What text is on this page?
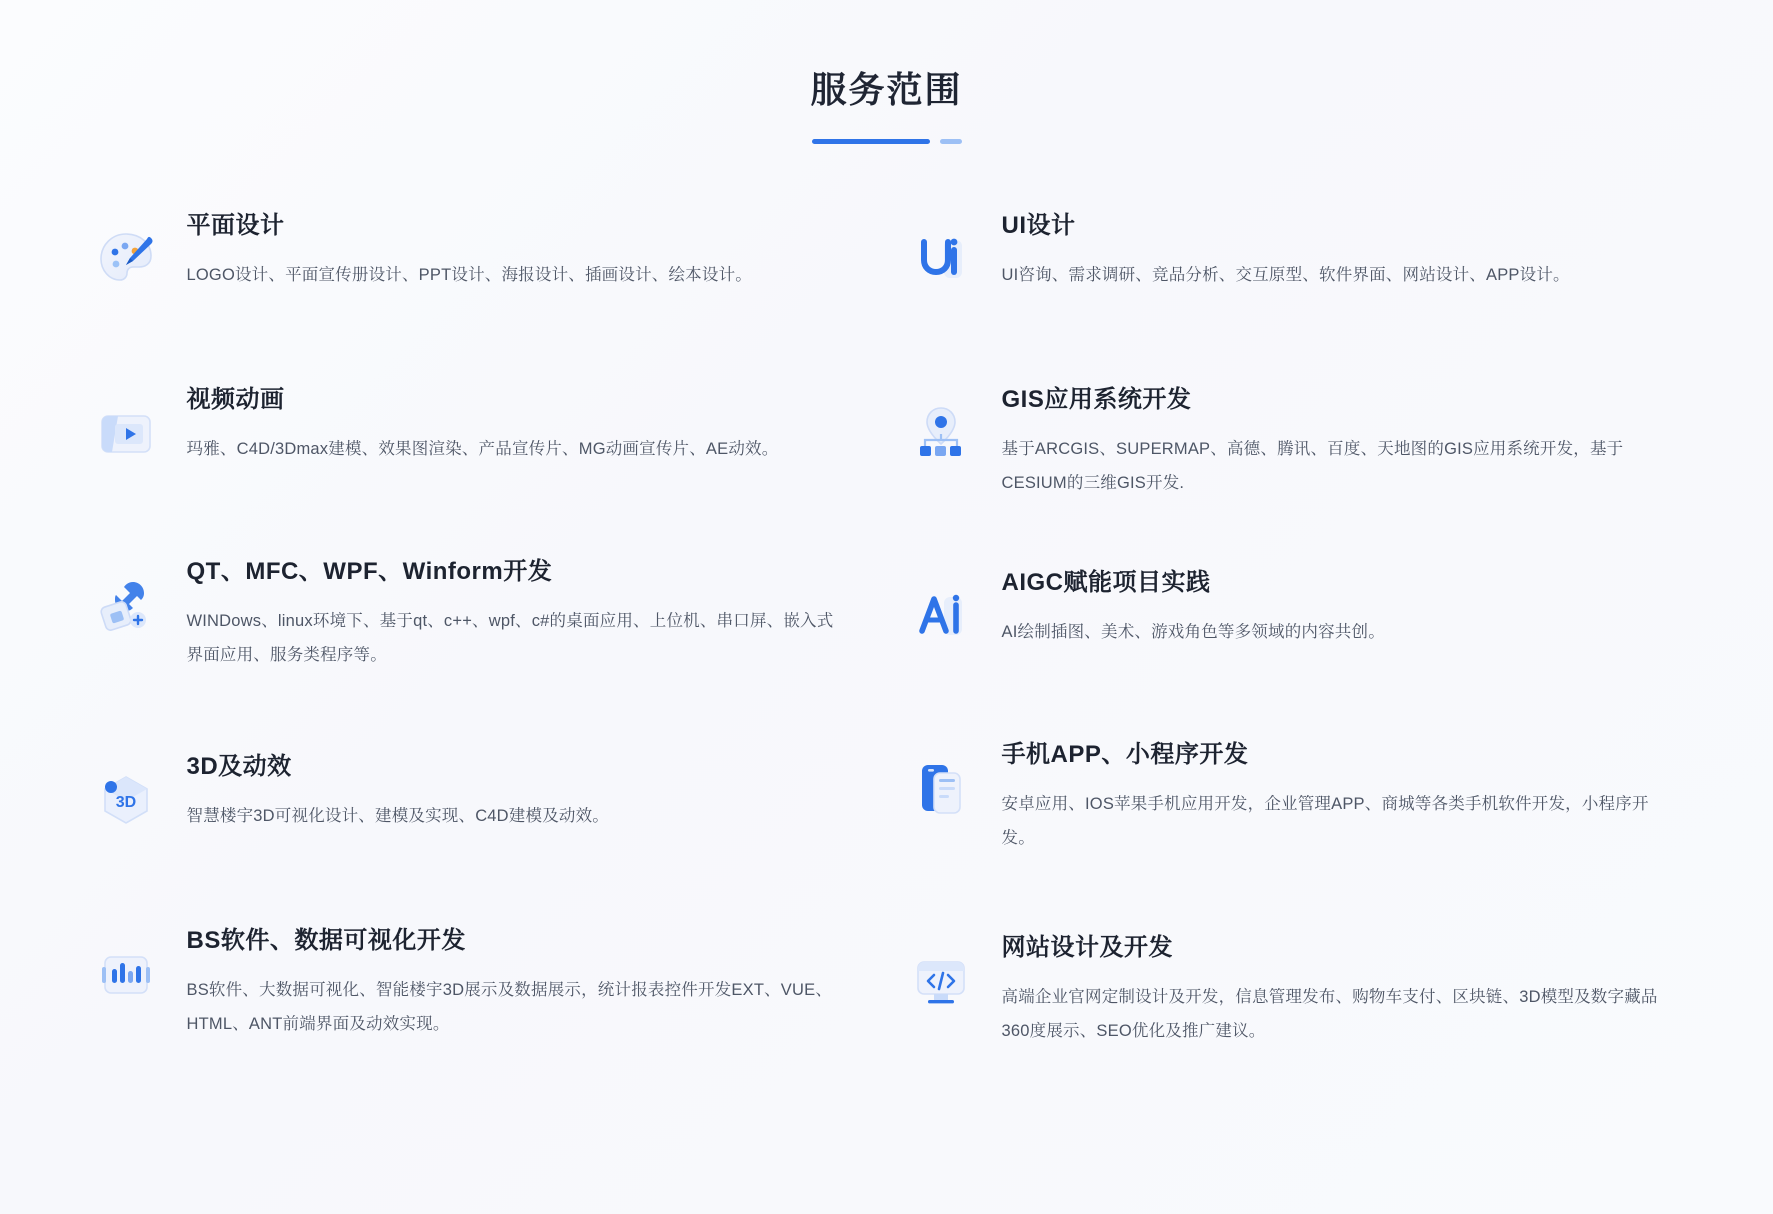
服务范围
平面设计
LOGO设计、平面宣传册设计、PPT设计、海报设计、插画设计、绘本设计。
视频动画
玛雅、C4D/3Dmax建模、效果图渲染、产品宣传片、MG动画宣传片、AE动效。
QT、MFC、WPF、Winform开发
WINDows、linux环境下、基于qt、c++、wpf、c#的桌面应用、上位机、串口屏、嵌入式界面应用、服务类程序等。
3D
3D及动效
智慧楼宇3D可视化设计、建模及实现、C4D建模及动效。
BS软件、数据可视化开发
BS软件、大数据可视化、智能楼宇3D展示及数据展示，统计报表控件开发EXT、VUE、HTML、ANT前端界面及动效实现。
UI设计
UI咨询、需求调研、竞品分析、交互原型、软件界面、网站设计、APP设计。
GIS应用系统开发
基于ARCGIS、SUPERMAP、高德、腾讯、百度、天地图的GIS应用系统开发，基于CESIUM的三维GIS开发.
AIGC赋能项目实践
AI绘制插图、美术、游戏角色等多领域的内容共创。
手机APP、小程序开发
安卓应用、IOS苹果手机应用开发，企业管理APP、商城等各类手机软件开发，小程序开发。
网站设计及开发
高端企业官网定制设计及开发，信息管理发布、购物车支付、区块链、3D模型及数字藏品360度展示、SEO优化及推广建议。
